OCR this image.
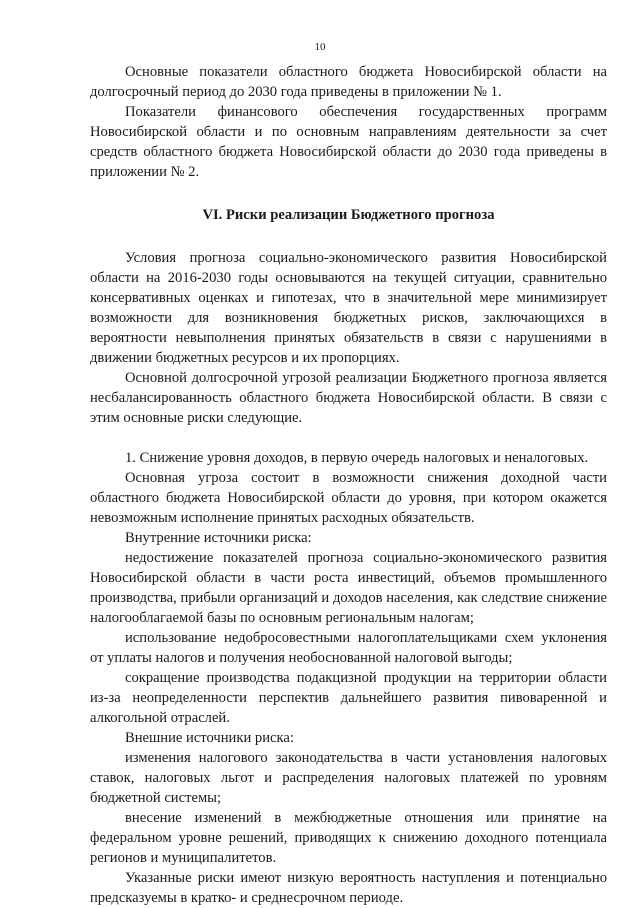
10

Основные показатели областного бюджета Новосибирской области на долгосрочный период до 2030 года приведены в приложении № 1.

Показатели финансового обеспечения государственных программ Новосибирской области и по основным направлениям деятельности за счет средств областного бюджета Новосибирской области до 2030 года приведены в приложении № 2.

VI. Риски реализации Бюджетного прогноза

Условия прогноза социально-экономического развития Новосибирской области на 2016-2030 годы основываются на текущей ситуации, сравнительно консервативных оценках и гипотезах, что в значительной мере минимизирует возможности для возникновения бюджетных рисков, заключающихся в вероятности невыполнения принятых обязательств в связи с нарушениями в движении бюджетных ресурсов и их пропорциях.

Основной долгосрочной угрозой реализации Бюджетного прогноза является несбалансированность областного бюджета Новосибирской области. В связи с этим основные риски следующие.

1. Снижение уровня доходов, в первую очередь налоговых и неналоговых.

Основная угроза состоит в возможности снижения доходной части областного бюджета Новосибирской области до уровня, при котором окажется невозможным исполнение принятых расходных обязательств.

Внутренние источники риска:

недостижение показателей прогноза социально-экономического развития Новосибирской области в части роста инвестиций, объемов промышленного производства, прибыли организаций и доходов населения, как следствие снижение налогооблагаемой базы по основным региональным налогам;

использование недобросовестными налогоплательщиками схем уклонения от уплаты налогов и получения необоснованной налоговой выгоды;

сокращение производства подакцизной продукции на территории области из-за неопределенности перспектив дальнейшего развития пивоваренной и алкогольной отраслей.

Внешние источники риска:

изменения налогового законодательства в части установления налоговых ставок, налоговых льгот и распределения налоговых платежей по уровням бюджетной системы;

внесение изменений в межбюджетные отношения или принятие на федеральном уровне решений, приводящих к снижению доходного потенциала регионов и муниципалитетов.

Указанные риски имеют низкую вероятность наступления и потенциально предсказуемы в кратко- и среднесрочном периоде.
